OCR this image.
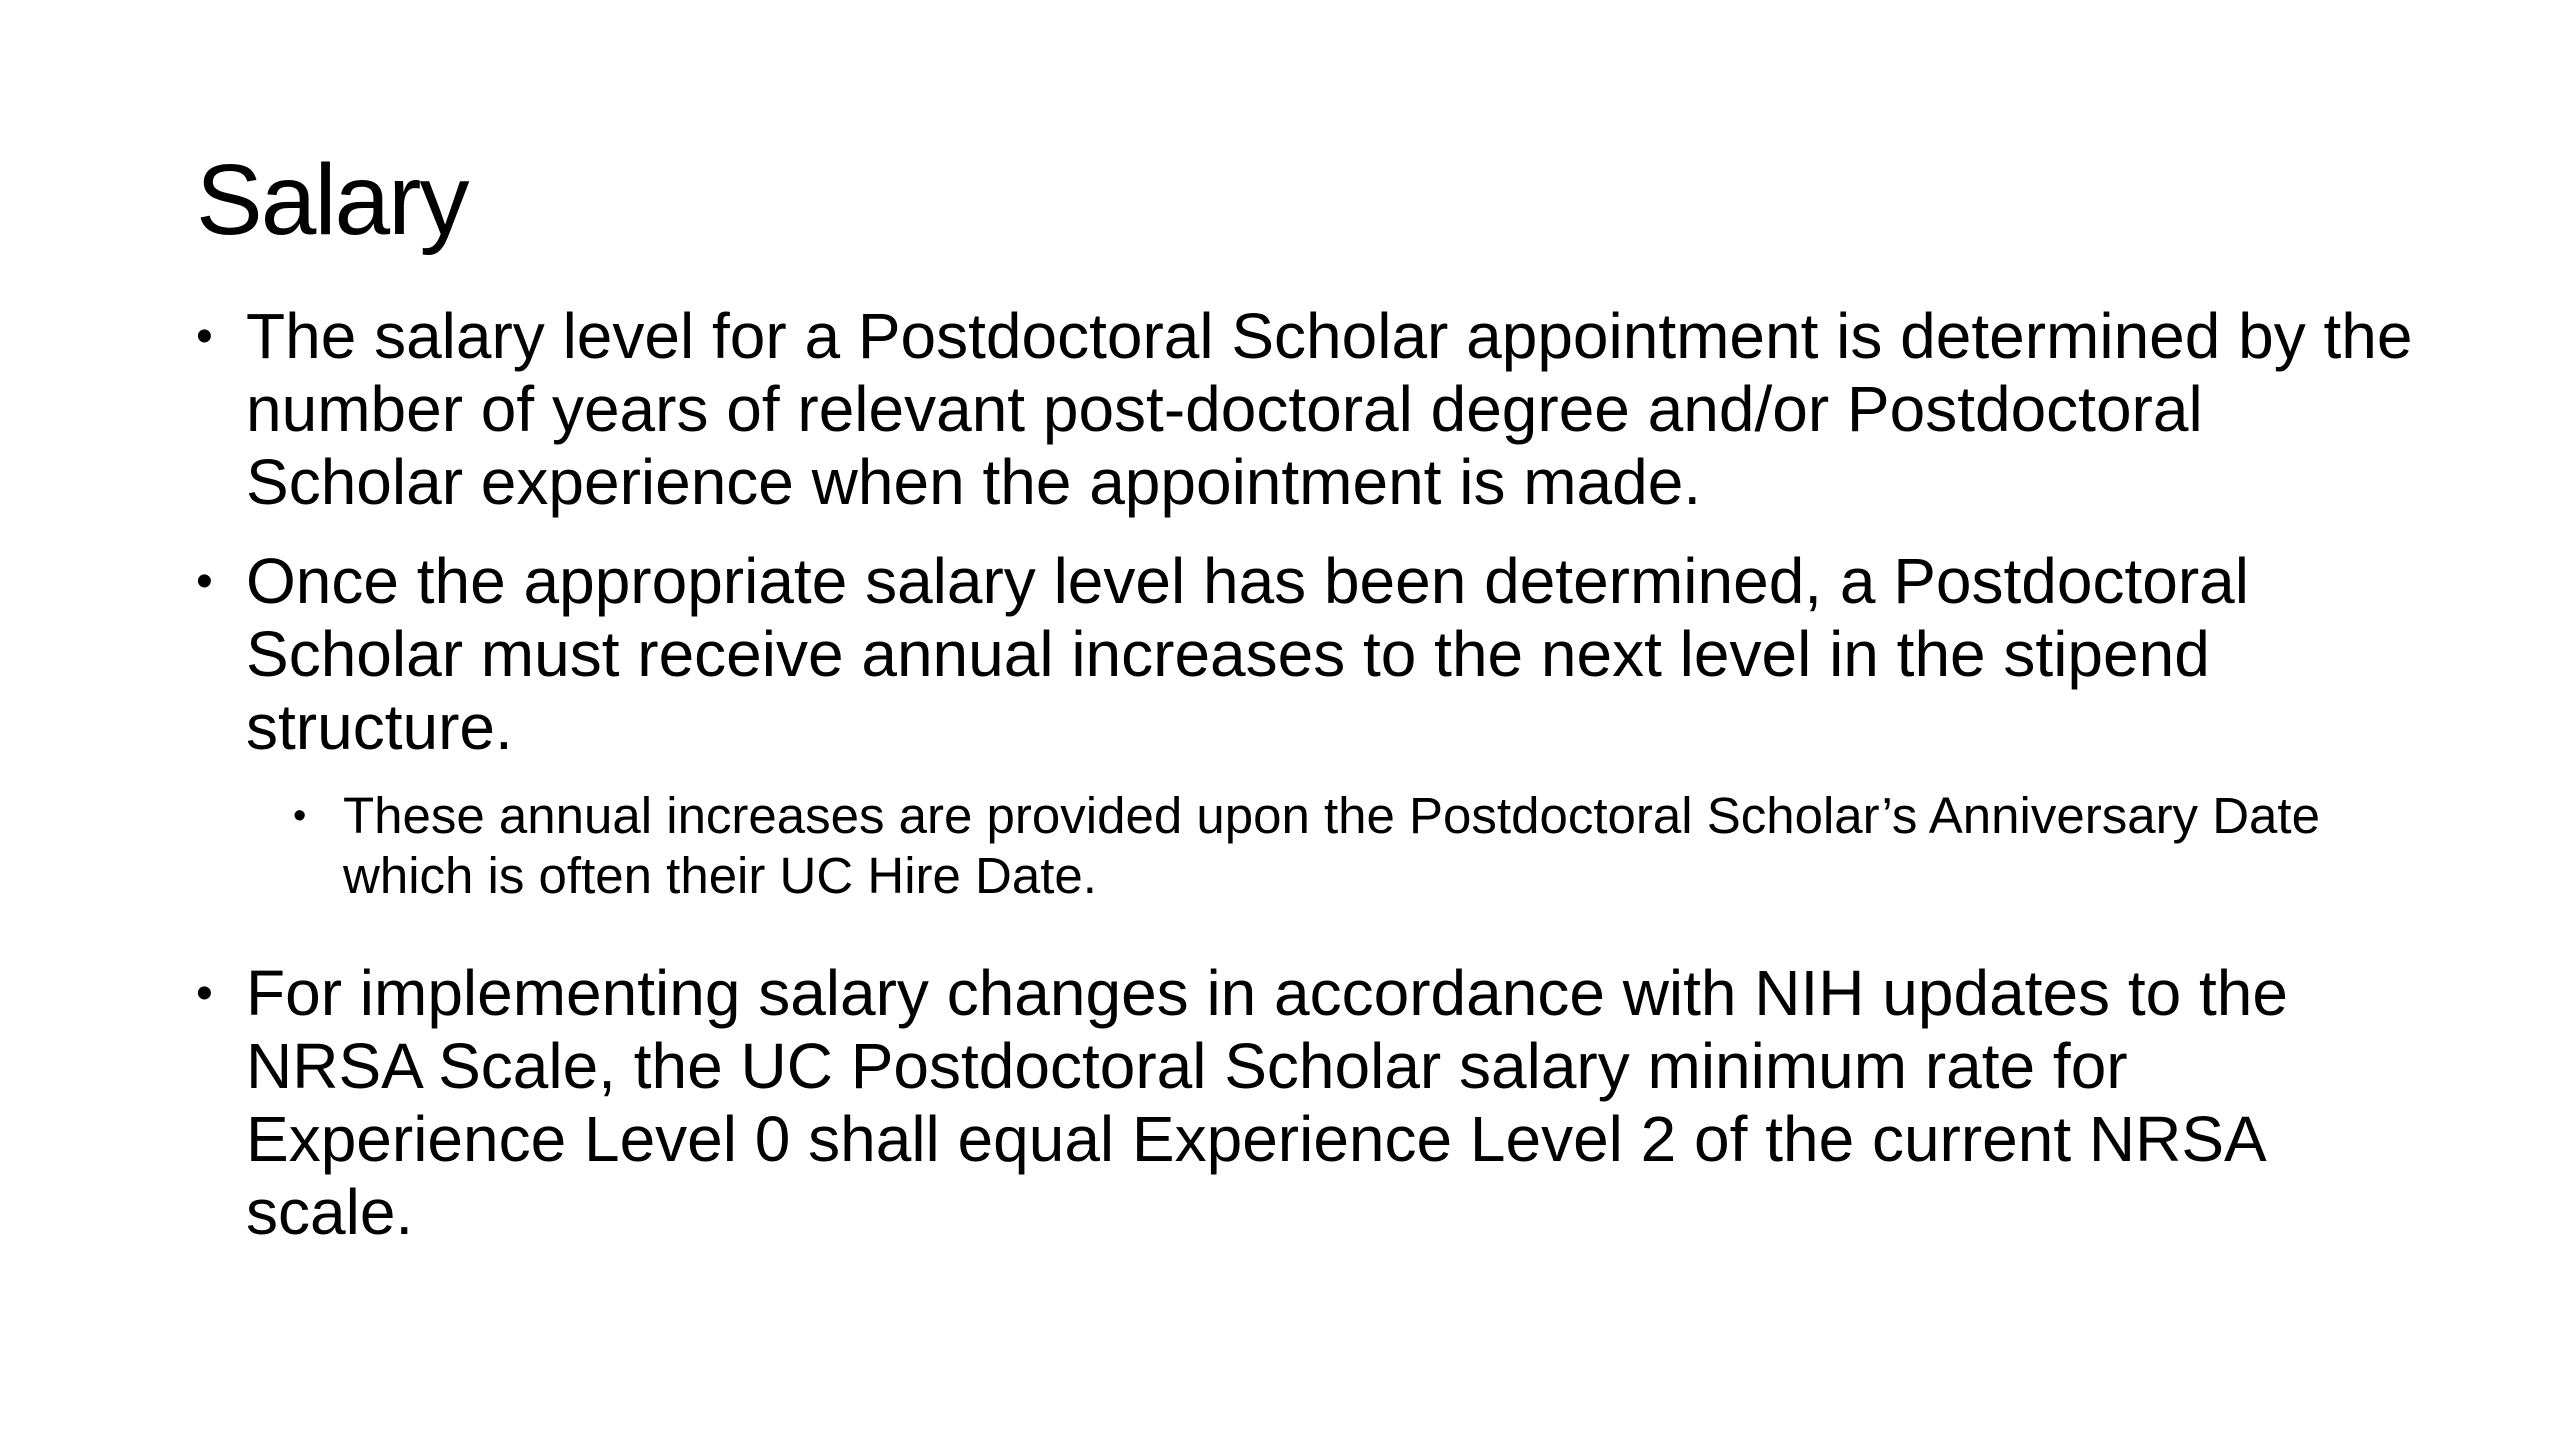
Salary

• The salary level for a Postdoctoral Scholar appointment is determined by the number of years of relevant post-doctoral degree and/or Postdoctoral Scholar experience when the appointment is made.

• Once the appropriate salary level has been determined, a Postdoctoral Scholar must receive annual increases to the next level in the stipend structure.

• These annual increases are provided upon the Postdoctoral Scholar’s Anniversary Date which is often their UC Hire Date.

• For implementing salary changes in accordance with NIH updates to the NRSA Scale, the UC Postdoctoral Scholar salary minimum rate for Experience Level 0 shall equal Experience Level 2 of the current NRSA scale.
